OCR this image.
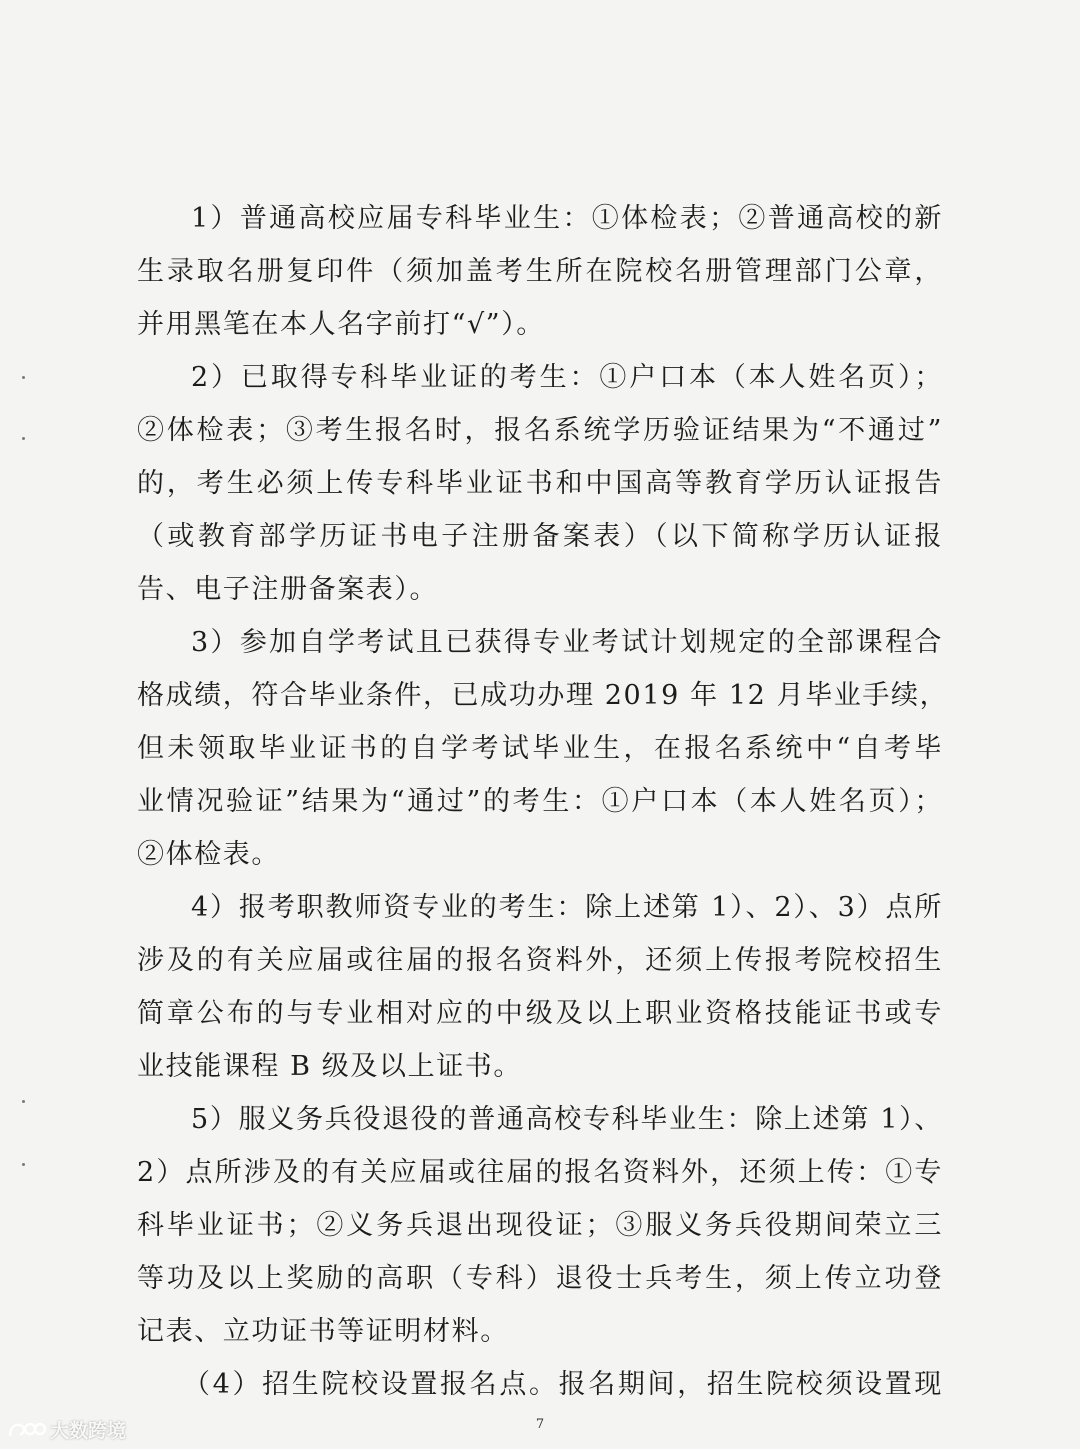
1）普通高校应届专科毕业生：①体检表；②普通高校的新
生录取名册复印件（须加盖考生所在院校名册管理部门公章，
并用黑笔在本人名字前打“√”）。
2）已取得专科毕业证的考生：①户口本（本人姓名页）；
②体检表；③考生报名时，报名系统学历验证结果为“不通过”
的，考生必须上传专科毕业证书和中国高等教育学历认证报告
（或教育部学历证书电子注册备案表）（以下简称学历认证报
告、电子注册备案表）。
3）参加自学考试且已获得专业考试计划规定的全部课程合
格成绩，符合毕业条件，已成功办理 2019 年 12 月毕业手续，
但未领取毕业证书的自学考试毕业生，在报名系统中“自考毕
业情况验证”结果为“通过”的考生：①户口本（本人姓名页）；
②体检表。
4）报考职教师资专业的考生：除上述第 1）、2）、3）点所
涉及的有关应届或往届的报名资料外，还须上传报考院校招生
简章公布的与专业相对应的中级及以上职业资格技能证书或专
业技能课程 B 级及以上证书。
5）服义务兵役退役的普通高校专科毕业生：除上述第 1）、
2）点所涉及的有关应届或往届的报名资料外，还须上传：①专
科毕业证书；②义务兵退出现役证；③服义务兵役期间荣立三
等功及以上奖励的高职（专科）退役士兵考生，须上传立功登
记表、立功证书等证明材料。
（4）招生院校设置报名点。报名期间，招生院校须设置现
7
大数跨境
